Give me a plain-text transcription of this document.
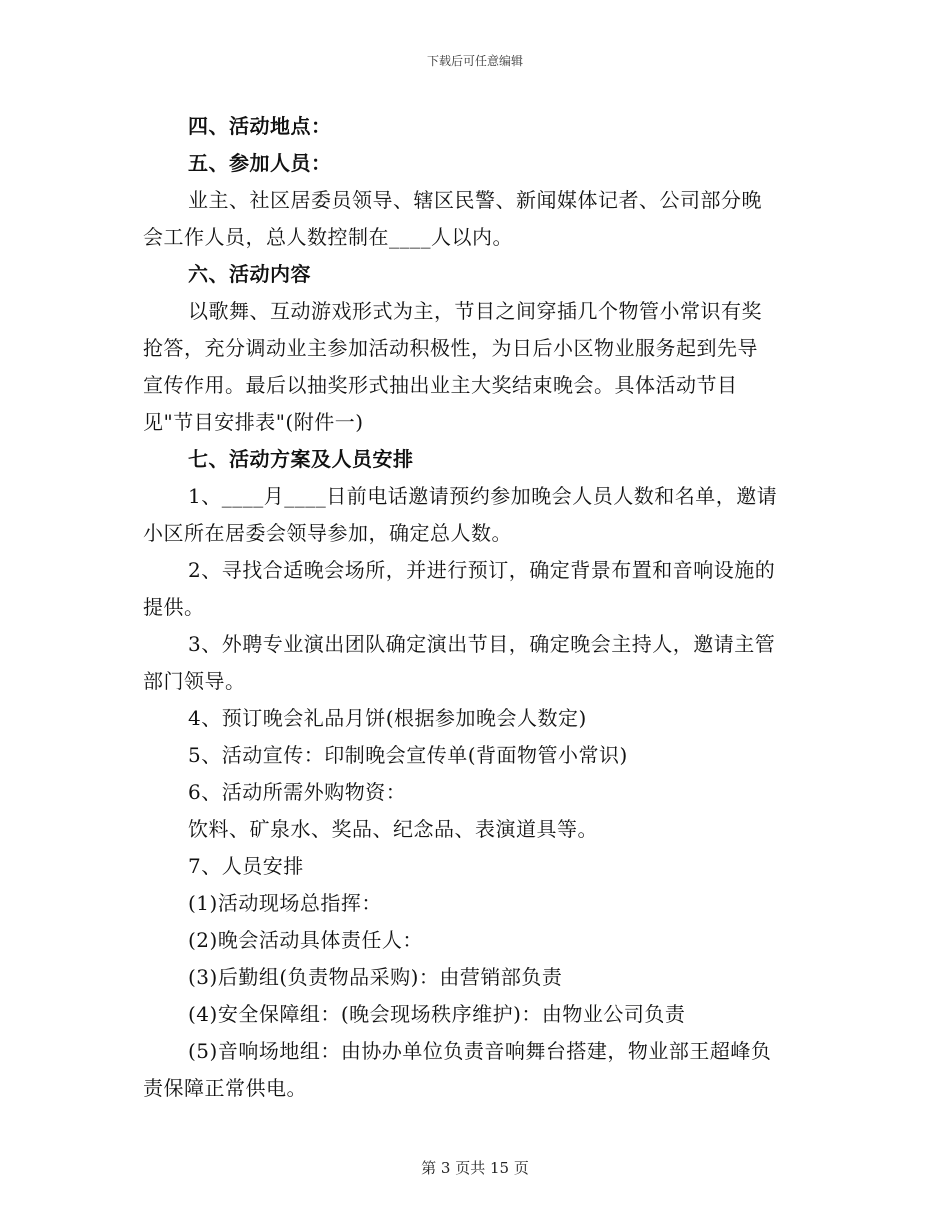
下载后可任意编辑
四、活动地点：
五、参加人员：
业主、社区居委员领导、辖区民警、新闻媒体记者、公司部分晚
会工作人员，总人数控制在____人以内。
六、活动内容
以歌舞、互动游戏形式为主，节目之间穿插几个物管小常识有奖
抢答，充分调动业主参加活动积极性，为日后小区物业服务起到先导
宣传作用。最后以抽奖形式抽出业主大奖结束晚会。具体活动节目
见"节目安排表"(附件一)
七、活动方案及人员安排
1、____月____日前电话邀请预约参加晚会人员人数和名单，邀请
小区所在居委会领导参加，确定总人数。
2、寻找合适晚会场所，并进行预订，确定背景布置和音响设施的
提供。
3、外聘专业演出团队确定演出节目，确定晚会主持人，邀请主管
部门领导。
4、预订晚会礼品月饼(根据参加晚会人数定)
5、活动宣传：印制晚会宣传单(背面物管小常识)
6、活动所需外购物资：
饮料、矿泉水、奖品、纪念品、表演道具等。
7、人员安排
(1)活动现场总指挥：
(2)晚会活动具体责任人：
(3)后勤组(负责物品采购)：由营销部负责
(4)安全保障组：(晚会现场秩序维护)：由物业公司负责
(5)音响场地组：由协办单位负责音响舞台搭建，物业部王超峰负
责保障正常供电。
第 3 页共 15 页
